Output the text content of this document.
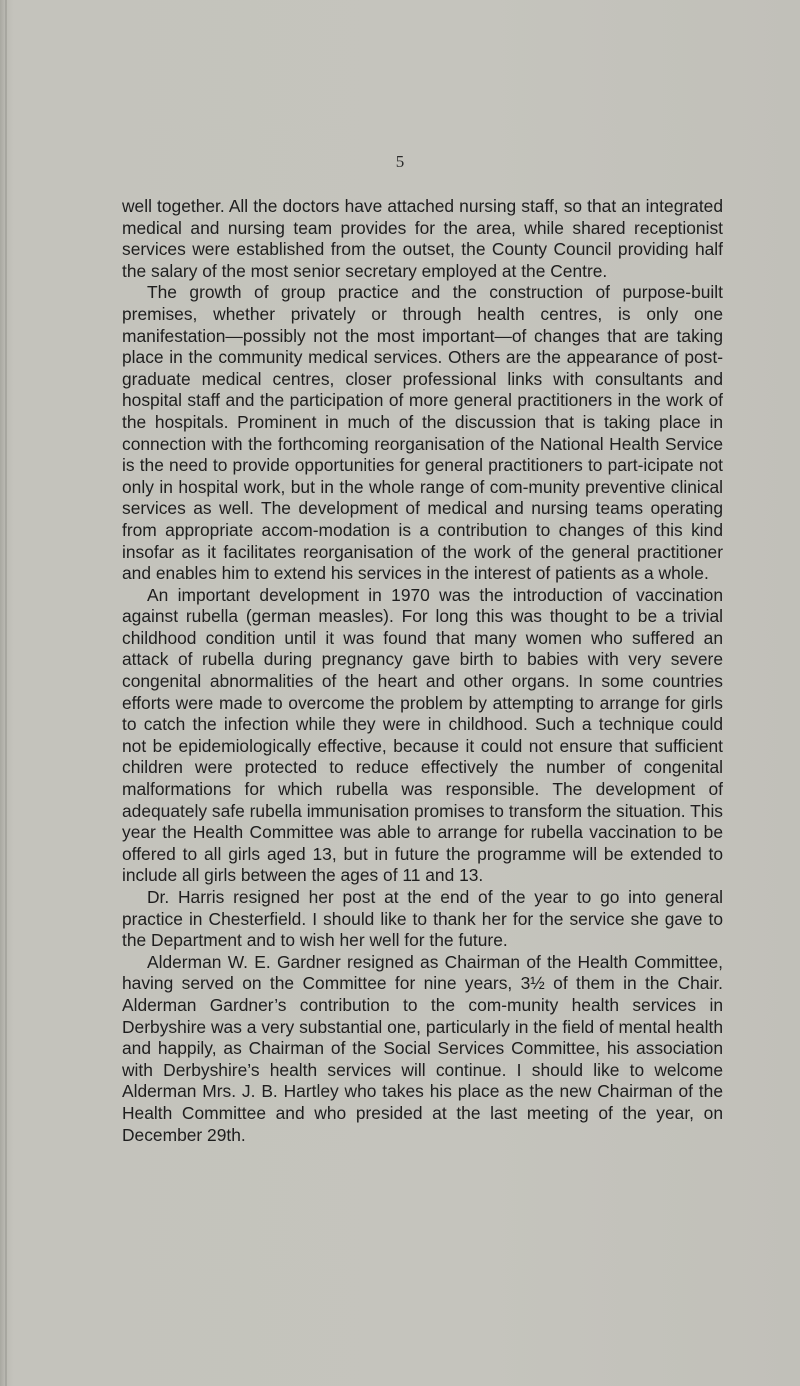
5

well together. All the doctors have attached nursing staff, so that an integrated medical and nursing team provides for the area, while shared receptionist services were established from the outset, the County Council providing half the salary of the most senior secretary employed at the Centre.

The growth of group practice and the construction of purpose-built premises, whether privately or through health centres, is only one manifestation—possibly not the most important—of changes that are taking place in the community medical services. Others are the appearance of post-graduate medical centres, closer professional links with consultants and hospital staff and the participation of more general practitioners in the work of the hospitals. Prominent in much of the discussion that is taking place in connection with the forthcoming reorganisation of the National Health Service is the need to provide opportunities for general practitioners to part-icipate not only in hospital work, but in the whole range of com-munity preventive clinical services as well. The development of medical and nursing teams operating from appropriate accom-modation is a contribution to changes of this kind insofar as it facilitates reorganisation of the work of the general practitioner and enables him to extend his services in the interest of patients as a whole.

An important development in 1970 was the introduction of vaccination against rubella (german measles). For long this was thought to be a trivial childhood condition until it was found that many women who suffered an attack of rubella during pregnancy gave birth to babies with very severe congenital abnormalities of the heart and other organs. In some countries efforts were made to overcome the problem by attempting to arrange for girls to catch the infection while they were in childhood. Such a technique could not be epidemiologically effective, because it could not ensure that sufficient children were protected to reduce effectively the number of congenital malformations for which rubella was responsible. The development of adequately safe rubella immunisation promises to transform the situation. This year the Health Committee was able to arrange for rubella vaccination to be offered to all girls aged 13, but in future the programme will be extended to include all girls between the ages of 11 and 13.

Dr. Harris resigned her post at the end of the year to go into general practice in Chesterfield. I should like to thank her for the service she gave to the Department and to wish her well for the future.

Alderman W. E. Gardner resigned as Chairman of the Health Committee, having served on the Committee for nine years, 3½ of them in the Chair. Alderman Gardner’s contribution to the com-munity health services in Derbyshire was a very substantial one, particularly in the field of mental health and happily, as Chairman of the Social Services Committee, his association with Derbyshire’s health services will continue. I should like to welcome Alderman Mrs. J. B. Hartley who takes his place as the new Chairman of the Health Committee and who presided at the last meeting of the year, on December 29th.
